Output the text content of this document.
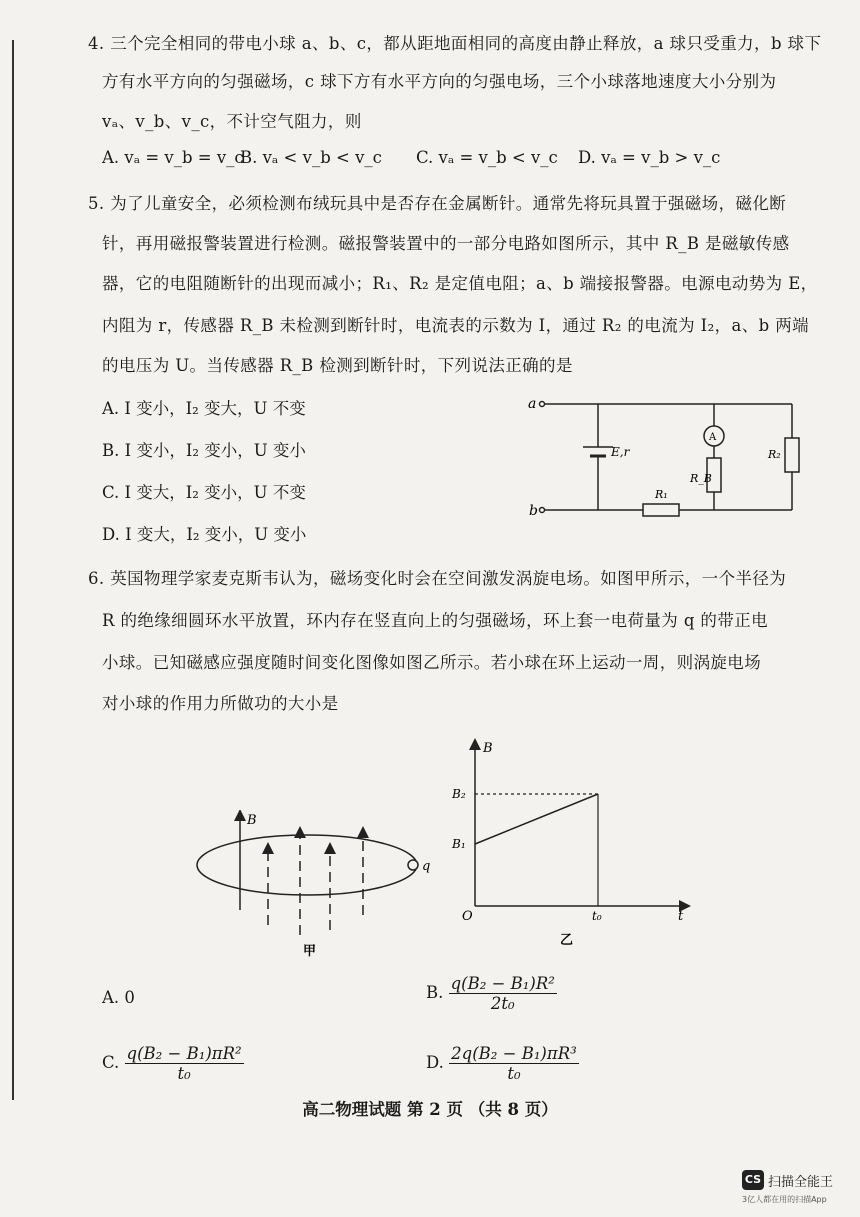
4. 三个完全相同的带电小球 a、b、c，都从距地面相同的高度由静止释放，a 球只受重力，b 球下
方有水平方向的匀强磁场，c 球下方有水平方向的匀强电场，三个小球落地速度大小分别为
vₐ、v_b、v_c，不计空气阻力，则
A. vₐ = v_b = v_c
B. vₐ < v_b < v_c C. vₐ = v_b < v_c D. vₐ = v_b > v_c
5. 为了儿童安全，必须检测布绒玩具中是否存在金属断针。通常先将玩具置于强磁场，磁化断
针，再用磁报警装置进行检测。磁报警装置中的一部分电路如图所示，其中 R_B 是磁敏传感
器，它的电阻随断针的出现而减小；R₁、R₂ 是定值电阻；a、b 端接报警器。电源电动势为 E，
内阻为 r，传感器 R_B 未检测到断针时，电流表的示数为 I，通过 R₂ 的电流为 I₂，a、b 两端
的电压为 U。当传感器 R_B 检测到断针时，下列说法正确的是
A. I 变小，I₂ 变大，U 不变
B. I 变小，I₂ 变小，U 变小
C. I 变大，I₂ 变小，U 不变
D. I 变大，I₂ 变小，U 变小
a
b
E,r
A
R₂
R_B
R₁
6. 英国物理学家麦克斯韦认为，磁场变化时会在空间激发涡旋电场。如图甲所示，一个半径为
R 的绝缘细圆环水平放置，环内存在竖直向上的匀强磁场，环上套一电荷量为 q 的带正电
小球。已知磁感应强度随时间变化图像如图乙所示。若小球在环上运动一周，则涡旋电场
对小球的作用力所做功的大小是
B
q
甲
B
t
O
B₂
B₁
t₀
乙
A. 0	B. $\frac{\text{q(B₂ − B₁)R²}}{\text{2t₀}}$
C. $\frac{\text{q(B₂ − B₁)πR²}}{\text{t₀}}$	D. $\frac{\text{2q(B₂ − B₁)πR³}}{\text{t₀}}$
高二物理试题 第 2 页 （共 8 页）
CS 扫描全能王
3亿人都在用的扫描App
